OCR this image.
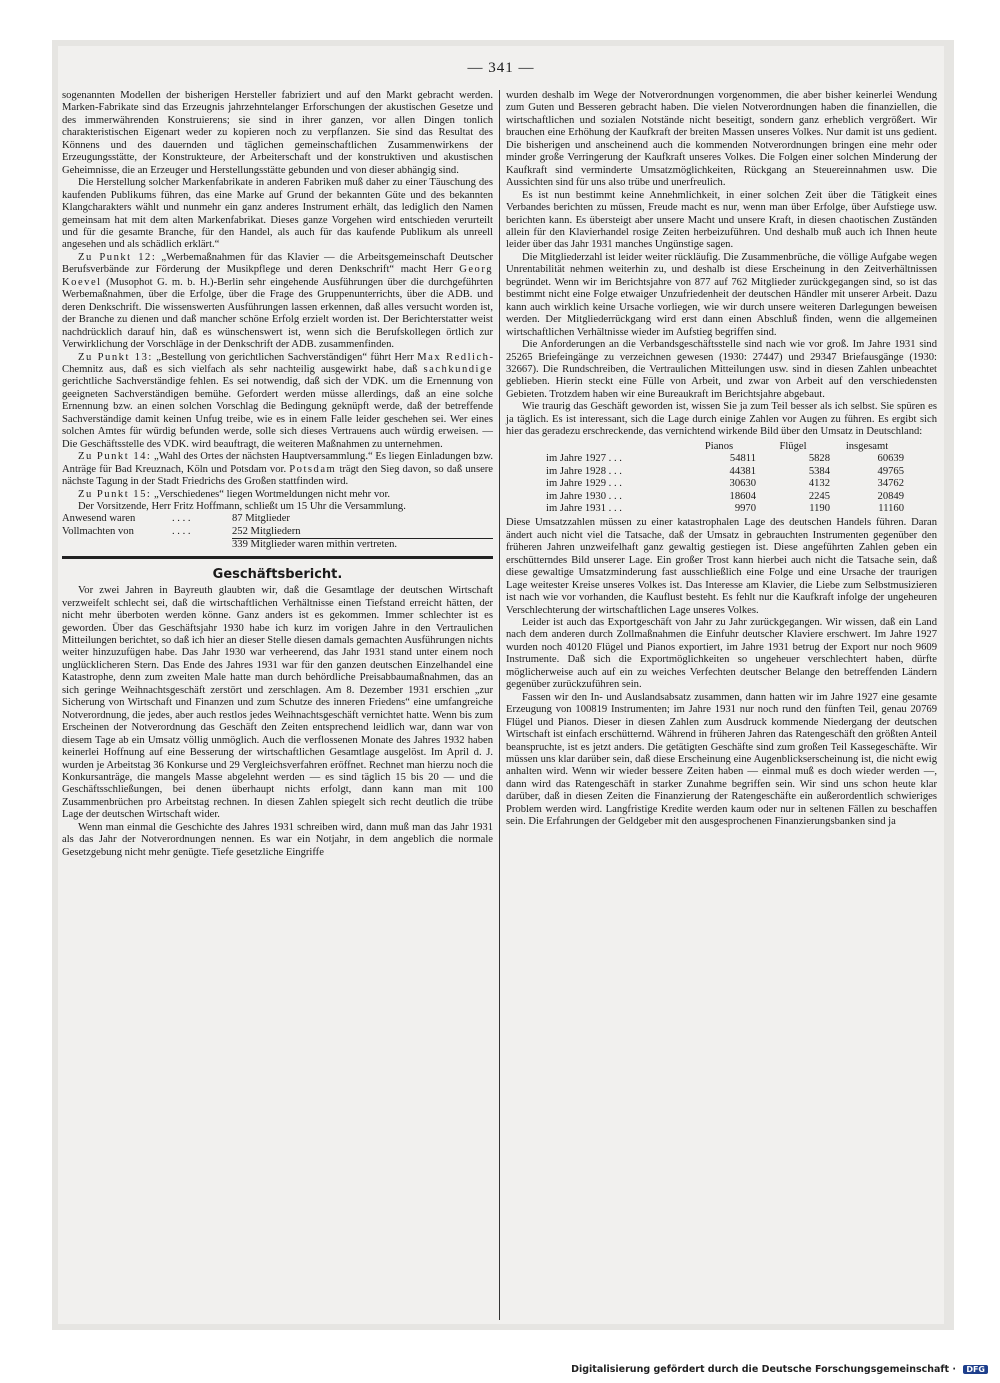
— 341 —

sogenannten Modellen der bisherigen Hersteller fabriziert und auf den Markt gebracht werden. Marken-Fabrikate sind das Erzeugnis jahrzehntelanger Erforschungen der akustischen Gesetze und des immerwährenden Konstruierens; sie sind in ihrer ganzen, vor allen Dingen tonlich charakteristischen Eigenart weder zu kopieren noch zu verpflanzen. Sie sind das Resultat des Könnens und des dauernden und täglichen gemeinschaftlichen Zusammenwirkens der Erzeugungsstätte, der Konstrukteure, der Arbeiterschaft und der konstruktiven und akustischen Geheimnisse, die an Erzeuger und Herstellungsstätte gebunden und von dieser abhängig sind.

Die Herstellung solcher Markenfabrikate in anderen Fabriken muß daher zu einer Täuschung des kaufenden Publikums führen, das eine Marke auf Grund der bekannten Güte und des bekannten Klangcharakters wählt und nunmehr ein ganz anderes Instrument erhält, das lediglich den Namen gemeinsam hat mit dem alten Markenfabrikat. Dieses ganze Vorgehen wird entschieden verurteilt und für die gesamte Branche, für den Handel, als auch für das kaufende Publikum als unreell angesehen und als schädlich erklärt.“

Zu Punkt 12: „Werbemaßnahmen für das Klavier — die Arbeitsgemeinschaft Deutscher Berufsverbände zur Förderung der Musikpflege und deren Denkschrift“ macht Herr Georg Koevel (Musophot G. m. b. H.)-Berlin sehr eingehende Ausführungen über die durchgeführten Werbemaßnahmen, über die Erfolge, über die Frage des Gruppenunterrichts, über die ADB. und deren Denkschrift. Die wissenswerten Ausführungen lassen erkennen, daß alles versucht worden ist, der Branche zu dienen und daß mancher schöne Erfolg erzielt worden ist. Der Berichterstatter weist nachdrücklich darauf hin, daß es wünschenswert ist, wenn sich die Berufskollegen örtlich zur Verwirklichung der Vorschläge in der Denkschrift der ADB. zusammenfinden.

Zu Punkt 13: „Bestellung von gerichtlichen Sachverständigen“ führt Herr Max Redlich-Chemnitz aus, daß es sich vielfach als sehr nachteilig ausgewirkt habe, daß sachkundige gerichtliche Sachverständige fehlen. Es sei notwendig, daß sich der VDK. um die Ernennung von geeigneten Sachverständigen bemühe. Gefordert werden müsse allerdings, daß an eine solche Ernennung bzw. an einen solchen Vorschlag die Bedingung geknüpft werde, daß der betreffende Sachverständige damit keinen Unfug treibe, wie es in einem Falle leider geschehen sei. Wer eines solchen Amtes für würdig befunden werde, solle sich dieses Vertrauens auch würdig erweisen. — Die Geschäftsstelle des VDK. wird beauftragt, die weiteren Maßnahmen zu unternehmen.

Zu Punkt 14: „Wahl des Ortes der nächsten Hauptversammlung.“ Es liegen Einladungen bzw. Anträge für Bad Kreuznach, Köln und Potsdam vor. Potsdam trägt den Sieg davon, so daß unsere nächste Tagung in der Stadt Friedrichs des Großen stattfinden wird.

Zu Punkt 15: „Verschiedenes“ liegen Wortmeldungen nicht mehr vor.

Der Vorsitzende, Herr Fritz Hoffmann, schließt um 15 Uhr die Versammlung.

Anwesend waren	. . . .	87 Mitglieder
Vollmachten von	. . . .	252 Mitgliedern
		339 Mitglieder waren mithin vertreten.
Geschäftsbericht.

Vor zwei Jahren in Bayreuth glaubten wir, daß die Gesamtlage der deutschen Wirtschaft verzweifelt schlecht sei, daß die wirtschaftlichen Verhältnisse einen Tiefstand erreicht hätten, der nicht mehr überboten werden könne. Ganz anders ist es gekommen. Immer schlechter ist es geworden. Über das Geschäftsjahr 1930 habe ich kurz im vorigen Jahre in den Vertraulichen Mitteilungen berichtet, so daß ich hier an dieser Stelle diesen damals gemachten Ausführungen nichts weiter hinzuzufügen habe. Das Jahr 1930 war verheerend, das Jahr 1931 stand unter einem noch unglücklicheren Stern. Das Ende des Jahres 1931 war für den ganzen deutschen Einzelhandel eine Katastrophe, denn zum zweiten Male hatte man durch behördliche Preisabbaumaßnahmen, das an sich geringe Weihnachtsgeschäft zerstört und zerschlagen. Am 8. Dezember 1931 erschien „zur Sicherung von Wirtschaft und Finanzen und zum Schutze des inneren Friedens“ eine umfangreiche Notverordnung, die jedes, aber auch restlos jedes Weihnachtsgeschäft vernichtet hatte. Wenn bis zum Erscheinen der Notverordnung das Geschäft den Zeiten entsprechend leidlich war, dann war von diesem Tage ab ein Umsatz völlig unmöglich. Auch die verflossenen Monate des Jahres 1932 haben keinerlei Hoffnung auf eine Besserung der wirtschaftlichen Gesamtlage ausgelöst. Im April d. J. wurden je Arbeitstag 36 Konkurse und 29 Vergleichsverfahren eröffnet. Rechnet man hierzu noch die Konkursanträge, die mangels Masse abgelehnt werden — es sind täglich 15 bis 20 — und die Geschäftsschließungen, bei denen überhaupt nichts erfolgt, dann kann man mit 100 Zusammenbrüchen pro Arbeitstag rechnen. In diesen Zahlen spiegelt sich recht deutlich die trübe Lage der deutschen Wirtschaft wider.

Wenn man einmal die Geschichte des Jahres 1931 schreiben wird, dann muß man das Jahr 1931 als das Jahr der Notverordnungen nennen. Es war ein Notjahr, in dem angeblich die normale Gesetzgebung nicht mehr genügte. Tiefe gesetzliche Eingriffe

wurden deshalb im Wege der Notverordnungen vorgenommen, die aber bisher keinerlei Wendung zum Guten und Besseren gebracht haben. Die vielen Notverordnungen haben die finanziellen, die wirtschaftlichen und sozialen Notstände nicht beseitigt, sondern ganz erheblich vergrößert. Wir brauchen eine Erhöhung der Kaufkraft der breiten Massen unseres Volkes. Nur damit ist uns gedient. Die bisherigen und anscheinend auch die kommenden Notverordnungen bringen eine mehr oder minder große Verringerung der Kaufkraft unseres Volkes. Die Folgen einer solchen Minderung der Kaufkraft sind verminderte Umsatzmöglichkeiten, Rückgang an Steuereinnahmen usw. Die Aussichten sind für uns also trübe und unerfreulich.

Es ist nun bestimmt keine Annehmlichkeit, in einer solchen Zeit über die Tätigkeit eines Verbandes berichten zu müssen, Freude macht es nur, wenn man über Erfolge, über Aufstiege usw. berichten kann. Es übersteigt aber unsere Macht und unsere Kraft, in diesen chaotischen Zuständen allein für den Klavierhandel rosige Zeiten herbeizuführen. Und deshalb muß auch ich Ihnen heute leider über das Jahr 1931 manches Ungünstige sagen.

Die Mitgliederzahl ist leider weiter rückläufig. Die Zusammenbrüche, die völlige Aufgabe wegen Unrentabilität nehmen weiterhin zu, und deshalb ist diese Erscheinung in den Zeitverhältnissen begründet. Wenn wir im Berichtsjahre von 877 auf 762 Mitglieder zurückgegangen sind, so ist das bestimmt nicht eine Folge etwaiger Unzufriedenheit der deutschen Händler mit unserer Arbeit. Dazu kann auch wirklich keine Ursache vorliegen, wie wir durch unsere weiteren Darlegungen beweisen werden. Der Mitgliederrückgang wird erst dann einen Abschluß finden, wenn die allgemeinen wirtschaftlichen Verhältnisse wieder im Aufstieg begriffen sind.

Die Anforderungen an die Verbandsgeschäftsstelle sind nach wie vor groß. Im Jahre 1931 sind 25265 Briefeingänge zu verzeichnen gewesen (1930: 27447) und 29347 Briefausgänge (1930: 32667). Die Rundschreiben, die Vertraulichen Mitteilungen usw. sind in diesen Zahlen unbeachtet geblieben. Hierin steckt eine Fülle von Arbeit, und zwar von Arbeit auf den verschiedensten Gebieten. Trotzdem haben wir eine Bureaukraft im Berichtsjahre abgebaut.

Wie traurig das Geschäft geworden ist, wissen Sie ja zum Teil besser als ich selbst. Sie spüren es ja täglich. Es ist interessant, sich die Lage durch einige Zahlen vor Augen zu führen. Es ergibt sich hier das geradezu erschreckende, das vernichtend wirkende Bild über den Umsatz in Deutschland:

	Pianos	Flügel	insgesamt
im Jahre 1927 . . .	54811	5828	60639
im Jahre 1928 . . .	44381	5384	49765
im Jahre 1929 . . .	30630	4132	34762
im Jahre 1930 . . .	18604	2245	20849
im Jahre 1931 . . .	9970	1190	11160

Diese Umsatzzahlen müssen zu einer katastrophalen Lage des deutschen Handels führen. Daran ändert auch nicht viel die Tatsache, daß der Umsatz in gebrauchten Instrumenten gegenüber den früheren Jahren unzweifelhaft ganz gewaltig gestiegen ist. Diese angeführten Zahlen geben ein erschütterndes Bild unserer Lage. Ein großer Trost kann hierbei auch nicht die Tatsache sein, daß diese gewaltige Umsatzminderung fast ausschließlich eine Folge und eine Ursache der traurigen Lage weitester Kreise unseres Volkes ist. Das Interesse am Klavier, die Liebe zum Selbstmusizieren ist nach wie vor vorhanden, die Kauflust besteht. Es fehlt nur die Kaufkraft infolge der ungeheuren Verschlechterung der wirtschaftlichen Lage unseres Volkes.

Leider ist auch das Exportgeschäft von Jahr zu Jahr zurückgegangen. Wir wissen, daß ein Land nach dem anderen durch Zollmaßnahmen die Einfuhr deutscher Klaviere erschwert. Im Jahre 1927 wurden noch 40120 Flügel und Pianos exportiert, im Jahre 1931 betrug der Export nur noch 9609 Instrumente. Daß sich die Exportmöglichkeiten so ungeheuer verschlechtert haben, dürfte möglicherweise auch auf ein zu weiches Verfechten deutscher Belange den betreffenden Ländern gegenüber zurückzuführen sein.

Fassen wir den In- und Auslandsabsatz zusammen, dann hatten wir im Jahre 1927 eine gesamte Erzeugung von 100819 Instrumenten; im Jahre 1931 nur noch rund den fünften Teil, genau 20769 Flügel und Pianos. Dieser in diesen Zahlen zum Ausdruck kommende Niedergang der deutschen Wirtschaft ist einfach erschütternd. Während in früheren Jahren das Ratengeschäft den größten Anteil beanspruchte, ist es jetzt anders. Die getätigten Geschäfte sind zum großen Teil Kassegeschäfte. Wir müssen uns klar darüber sein, daß diese Erscheinung eine Augenblickserscheinung ist, die nicht ewig anhalten wird. Wenn wir wieder bessere Zeiten haben — einmal muß es doch wieder werden —, dann wird das Ratengeschäft in starker Zunahme begriffen sein. Wir sind uns schon heute klar darüber, daß in diesen Zeiten die Finanzierung der Ratengeschäfte ein außerordentlich schwieriges Problem werden wird. Langfristige Kredite werden kaum oder nur in seltenen Fällen zu beschaffen sein. Die Erfahrungen der Geldgeber mit den ausgesprochenen Finanzierungsbanken sind ja

Digitalisierung gefördert durch die Deutsche Forschungsgemeinschaft · DFG
